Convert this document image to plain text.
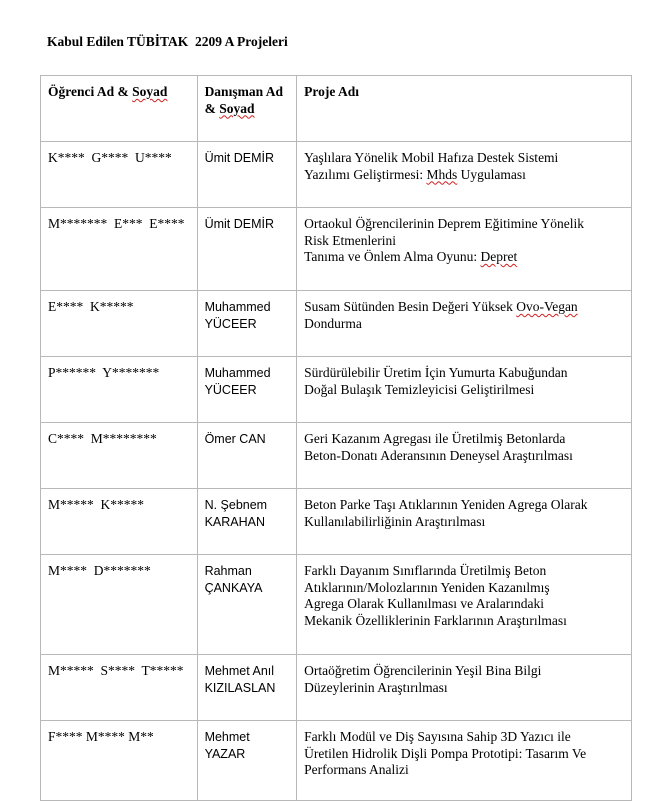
Kabul Edilen TÜBİTAK  2209 A Projeleri
Öğrenci Ad & Soyad	Danışman Ad
& Soyad	Proje Adı
K****  G****  U****	Ümit DEMİR	Yaşlılara Yönelik Mobil Hafıza Destek Sistemi
Yazılımı Geliştirmesi: Mhds Uygulaması

M*******  E***  E****	Ümit DEMİR	Ortaokul Öğrencilerinin Deprem Eğitimine Yönelik
Risk Etmenlerini
Tanıma ve Önlem Alma Oyunu: Depret

E****  K*****	Muhammed
YÜCEER	Susam Sütünden Besin Değeri Yüksek Ovo-Vegan
Dondurma

P******  Y*******	Muhammed
YÜCEER	Sürdürülebilir Üretim İçin Yumurta Kabuğundan
Doğal Bulaşık Temizleyicisi Geliştirilmesi

C****  M********	Ömer CAN	Geri Kazanım Agregası ile Üretilmiş Betonlarda
Beton-Donatı Aderansının Deneysel Araştırılması

M*****  K*****	N. Şebnem
KARAHAN	Beton Parke Taşı Atıklarının Yeniden Agrega Olarak
Kullanılabilirliğinin Araştırılması

M****  D*******	Rahman
ÇANKAYA	Farklı Dayanım Sınıflarında Üretilmiş Beton
Atıklarının/Molozlarının Yeniden Kazanılmış
Agrega Olarak Kullanılması ve Aralarındaki
Mekanik Özelliklerinin Farklarının Araştırılması

M*****  S****  T*****	Mehmet Anıl
KIZILASLAN	Ortaöğretim Öğrencilerinin Yeşil Bina Bilgi
Düzeylerinin Araştırılması

F**** M**** M**	Mehmet
YAZAR	Farklı Modül ve Diş Sayısına Sahip 3D Yazıcı ile
Üretilen Hidrolik Dişli Pompa Prototipi: Tasarım Ve
Performans Analizi
